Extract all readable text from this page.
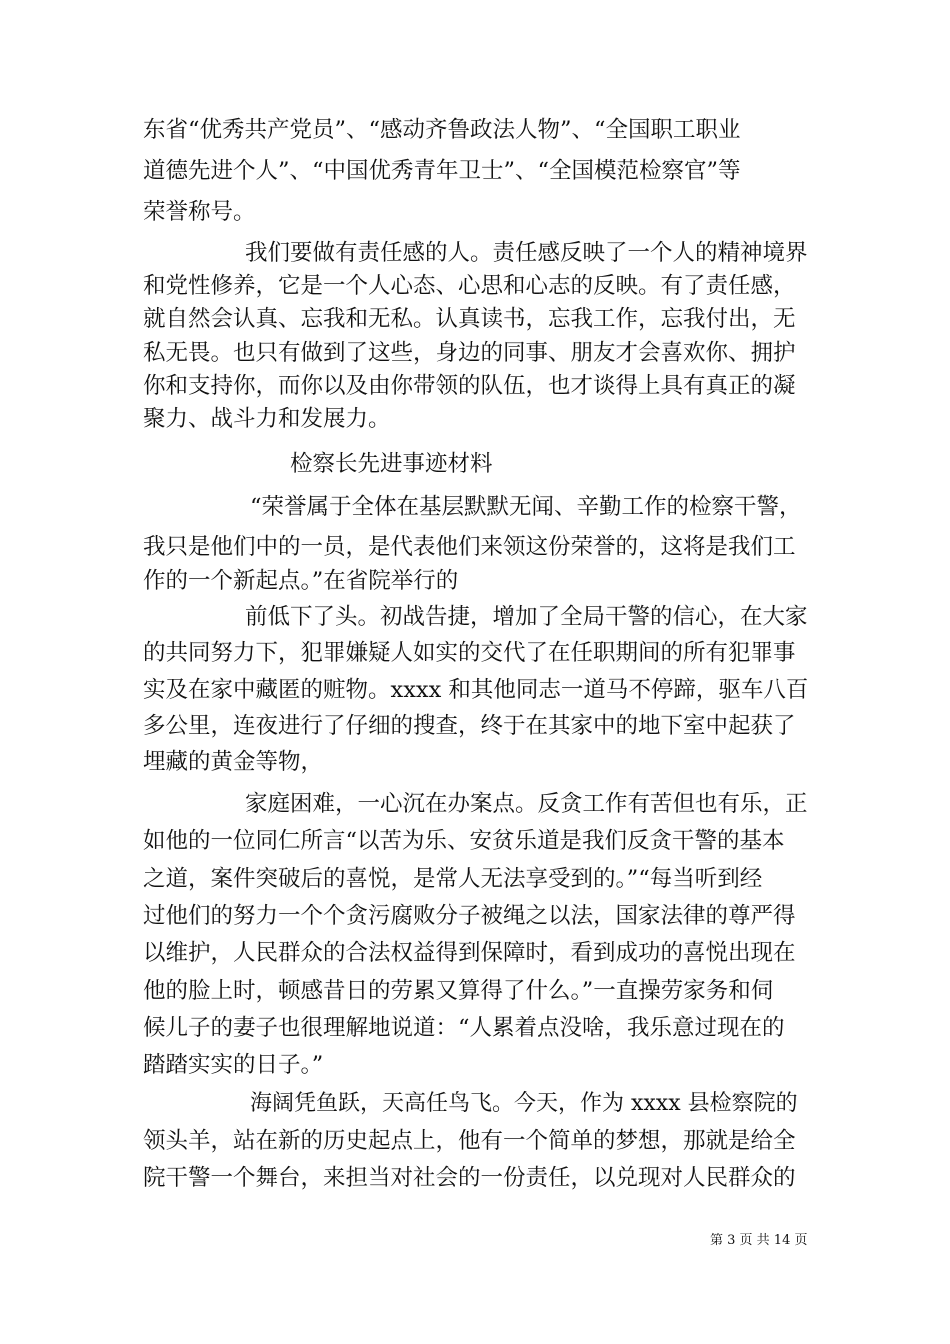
东省“优秀共产党员”、“感动齐鲁政法人物”、“全国职工职业
道德先进个人”、“中国优秀青年卫士”、“全国模范检察官”等
荣誉称号。
我们要做有责任感的人。责任感反映了一个人的精神境界
和党性修养，它是一个人心态、心思和心志的反映。有了责任感，
就自然会认真、忘我和无私。认真读书，忘我工作，忘我付出，无
私无畏。也只有做到了这些，身边的同事、朋友才会喜欢你、拥护
你和支持你，而你以及由你带领的队伍，也才谈得上具有真正的凝
聚力、战斗力和发展力。
检察长先进事迹材料
“荣誉属于全体在基层默默无闻、辛勤工作的检察干警，
我只是他们中的一员，是代表他们来领这份荣誉的，这将是我们工
作的一个新起点。”在省院举行的
前低下了头。初战告捷，增加了全局干警的信心，在大家
的共同努力下，犯罪嫌疑人如实的交代了在任职期间的所有犯罪事
实及在家中藏匿的赃物。xxxx 和其他同志一道马不停蹄，驱车八百
多公里，连夜进行了仔细的搜查，终于在其家中的地下室中起获了
埋藏的黄金等物，
家庭困难，一心沉在办案点。反贪工作有苦但也有乐，正
如他的一位同仁所言“以苦为乐、安贫乐道是我们反贪干警的基本
之道，案件突破后的喜悦，是常人无法享受到的。”“每当听到经
过他们的努力一个个贪污腐败分子被绳之以法，国家法律的尊严得
以维护，人民群众的合法权益得到保障时，看到成功的喜悦出现在
他的脸上时，顿感昔日的劳累又算得了什么。”一直操劳家务和伺
候儿子的妻子也很理解地说道：“人累着点没啥，我乐意过现在的
踏踏实实的日子。”
海阔凭鱼跃，天高任鸟飞。今天，作为 xxxx 县检察院的
领头羊，站在新的历史起点上，他有一个简单的梦想，那就是给全
院干警一个舞台，来担当对社会的一份责任，以兑现对人民群众的
第 3 页 共 14 页
